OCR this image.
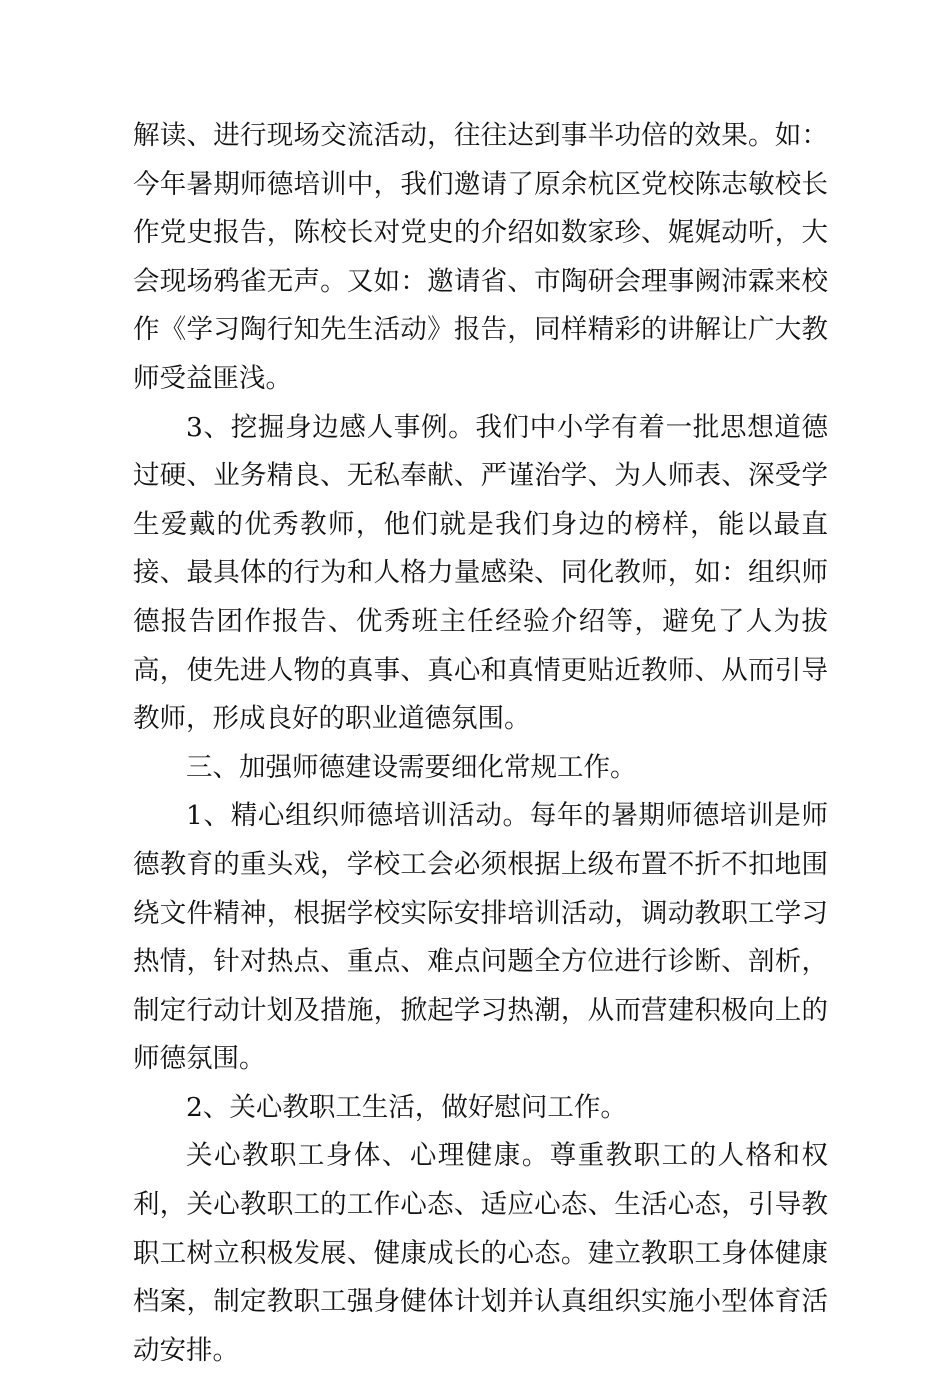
解读、进行现场交流活动，往往达到事半功倍的效果。如：今年暑期师德培训中，我们邀请了原余杭区党校陈志敏校长作党史报告，陈校长对党史的介绍如数家珍、娓娓动听，大会现场鸦雀无声。又如：邀请省、市陶研会理事阙沛霖来校作《学习陶行知先生活动》报告，同样精彩的讲解让广大教师受益匪浅。

3、挖掘身边感人事例。我们中小学有着一批思想道德过硬、业务精良、无私奉献、严谨治学、为人师表、深受学生爱戴的优秀教师，他们就是我们身边的榜样，能以最直接、最具体的行为和人格力量感染、同化教师，如：组织师德报告团作报告、优秀班主任经验介绍等，避免了人为拔高，使先进人物的真事、真心和真情更贴近教师、从而引导教师，形成良好的职业道德氛围。

三、加强师德建设需要细化常规工作。

1、精心组织师德培训活动。每年的暑期师德培训是师德教育的重头戏，学校工会必须根据上级布置不折不扣地围绕文件精神，根据学校实际安排培训活动，调动教职工学习热情，针对热点、重点、难点问题全方位进行诊断、剖析，制定行动计划及措施，掀起学习热潮，从而营建积极向上的师德氛围。

2、关心教职工生活，做好慰问工作。

关心教职工身体、心理健康。尊重教职工的人格和权利，关心教职工的工作心态、适应心态、生活心态，引导教职工树立积极发展、健康成长的心态。建立教职工身体健康档案，制定教职工强身健体计划并认真组织实施小型体育活动安排。
